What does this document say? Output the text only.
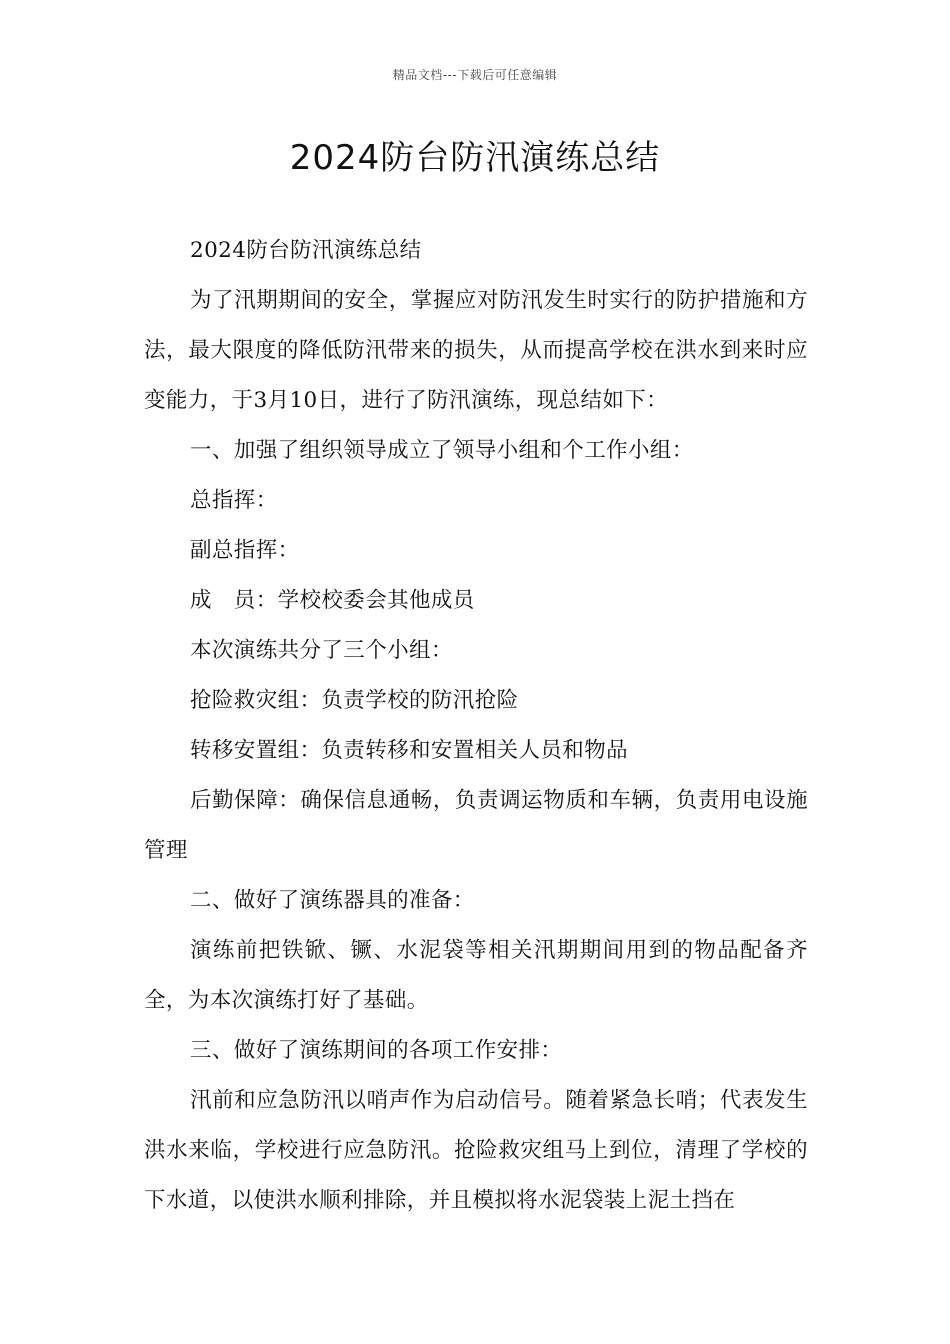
精品文档---下载后可任意编辑
2024防台防汛演练总结

2024防台防汛演练总结

为了汛期期间的安全，掌握应对防汛发生时实行的防护措施和方法，最大限度的降低防汛带来的损失，从而提高学校在洪水到来时应变能力，于3月10日，进行了防汛演练，现总结如下：

一、加强了组织领导成立了领导小组和个工作小组：

总指挥：

副总指挥：

成　员：学校校委会其他成员

本次演练共分了三个小组：

抢险救灾组：负责学校的防汛抢险

转移安置组：负责转移和安置相关人员和物品

后勤保障：确保信息通畅，负责调运物质和车辆，负责用电设施管理

二、做好了演练器具的准备：

演练前把铁锨、镢、水泥袋等相关汛期期间用到的物品配备齐全，为本次演练打好了基础。

三、做好了演练期间的各项工作安排：

汛前和应急防汛以哨声作为启动信号。随着紧急长哨；代表发生洪水来临，学校进行应急防汛。抢险救灾组马上到位，清理了学校的下水道，以使洪水顺利排除，并且模拟将水泥袋装上泥土挡在
